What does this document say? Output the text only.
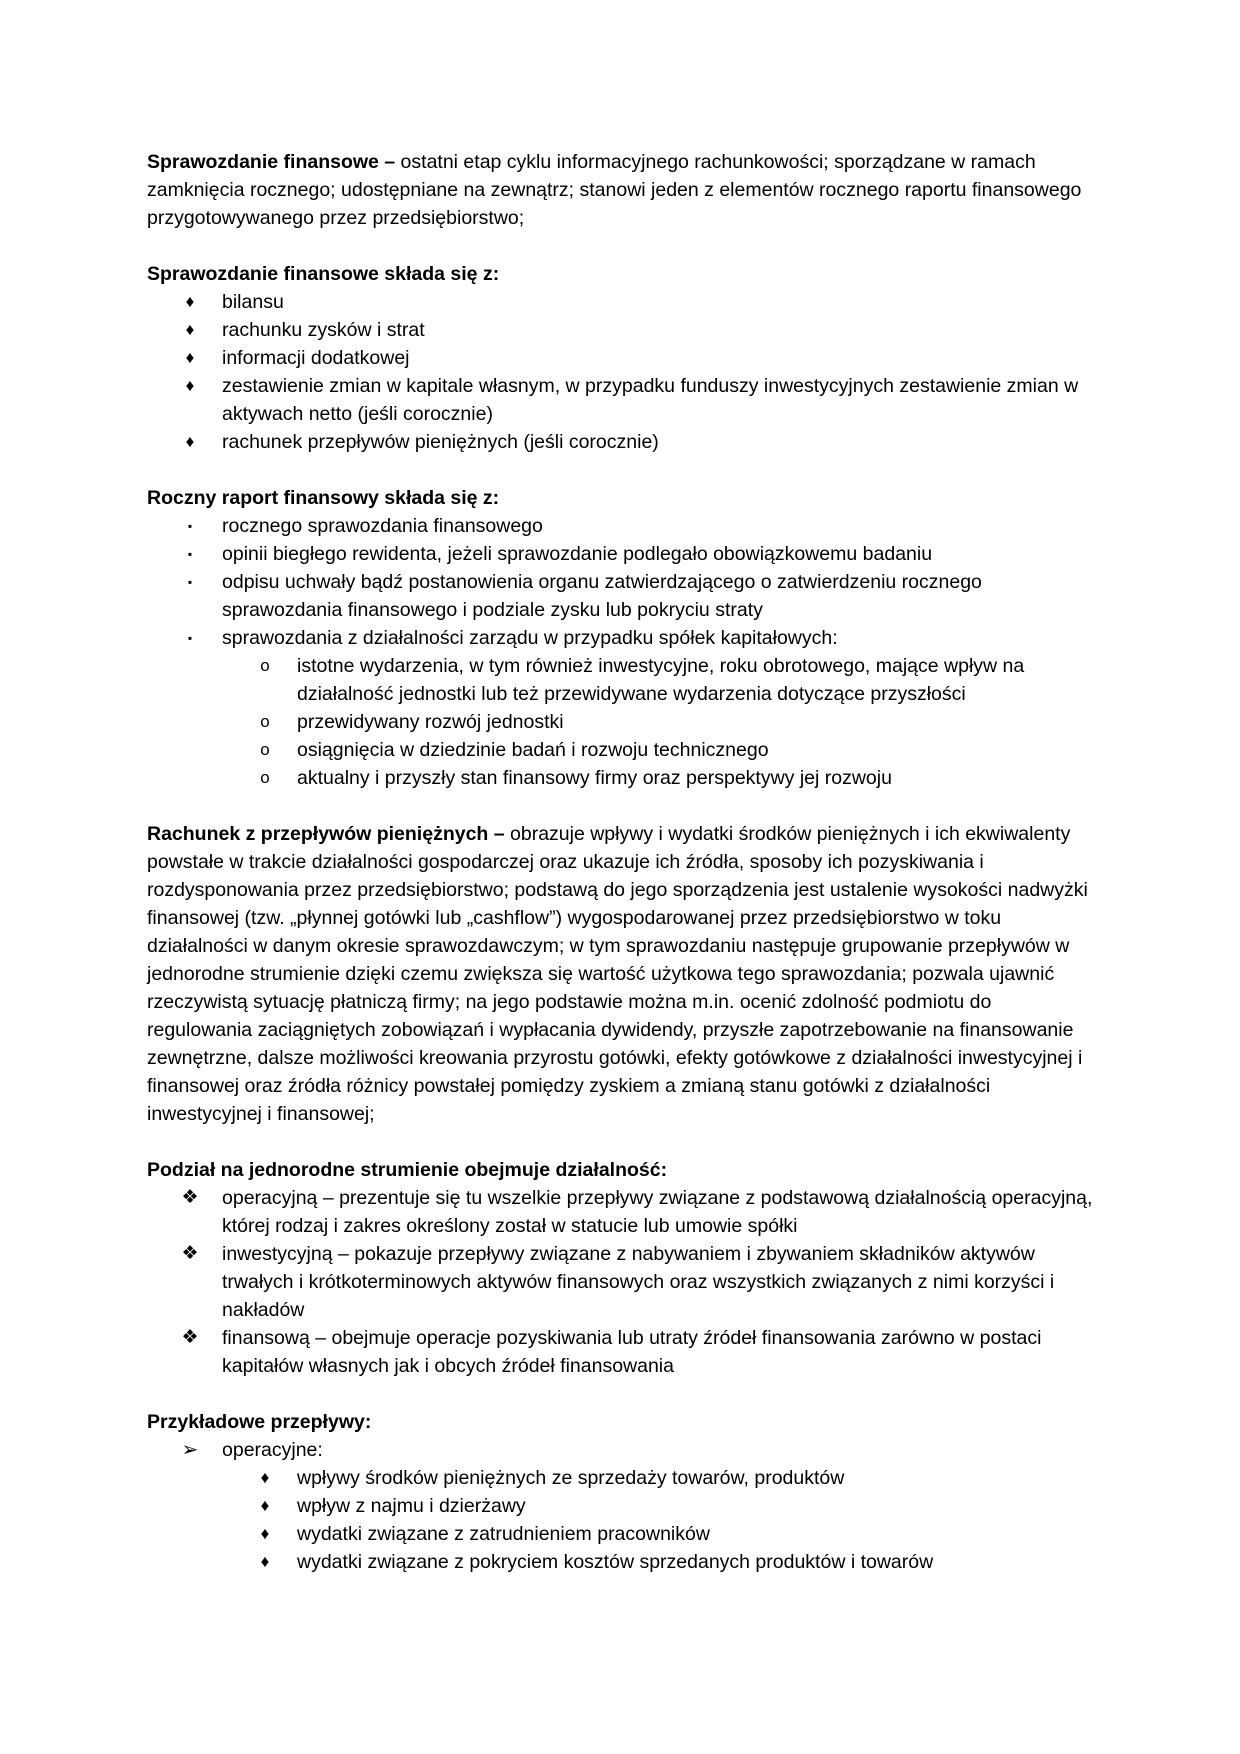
Sprawozdanie finansowe – ostatni etap cyklu informacyjnego rachunkowości; sporządzane w ramach zamknięcia rocznego; udostępniane na zewnątrz; stanowi jeden z elementów rocznego raportu finansowego przygotowywanego przez przedsiębiorstwo;

Sprawozdanie finansowe składa się z:

♦ bilansu
♦ rachunku zysków i strat
♦ informacji dodatkowej
♦ zestawienie zmian w kapitale własnym, w przypadku funduszy inwestycyjnych zestawienie zmian w aktywach netto (jeśli corocznie)
♦ rachunek przepływów pieniężnych (jeśli corocznie)

Roczny raport finansowy składa się z:

▪	rocznego sprawozdania finansowego
▪	opinii biegłego rewidenta, jeżeli sprawozdanie podlegało obowiązkowemu badaniu
▪	odpisu uchwały bądź postanowienia organu zatwierdzającego o zatwierdzeniu rocznego sprawozdania finansowego i podziale zysku lub pokryciu straty
▪	sprawozdania z działalności zarządu w przypadku spółek kapitałowych:
o istotne wydarzenia, w tym również inwestycyjne, roku obrotowego, mające wpływ na działalność jednostki lub też przewidywane wydarzenia dotyczące przyszłości
o przewidywany rozwój jednostki
o osiągnięcia w dziedzinie badań i rozwoju technicznego
o aktualny i przyszły stan finansowy firmy oraz perspektywy jej rozwoju

Rachunek z przepływów pieniężnych – obrazuje wpływy i wydatki środków pieniężnych i ich ekwiwalenty powstałe w trakcie działalności gospodarczej oraz ukazuje ich źródła, sposoby ich pozyskiwania i rozdysponowania przez przedsiębiorstwo; podstawą do jego sporządzenia jest ustalenie wysokości nadwyżki finansowej (tzw. „płynnej gotówki lub „cashflow”) wygospodarowanej przez przedsiębiorstwo w toku działalności w danym okresie sprawozdawczym; w tym sprawozdaniu następuje grupowanie przepływów w jednorodne strumienie dzięki czemu zwiększa się wartość użytkowa tego sprawozdania; pozwala ujawnić rzeczywistą sytuację płatniczą firmy; na jego podstawie można m.in. ocenić zdolność podmiotu do regulowania zaciągniętych zobowiązań i wypłacania dywidendy, przyszłe zapotrzebowanie na finansowanie zewnętrzne, dalsze możliwości kreowania przyrostu gotówki, efekty gotówkowe z działalności inwestycyjnej i finansowej oraz źródła różnicy powstałej pomiędzy zyskiem a zmianą stanu gotówki z działalności inwestycyjnej i finansowej;

Podział na jednorodne strumienie obejmuje działalność:

❖ operacyjną – prezentuje się tu wszelkie przepływy związane z podstawową działalnością operacyjną, której rodzaj i zakres określony został w statucie lub umowie spółki
❖ inwestycyjną – pokazuje przepływy związane z nabywaniem i zbywaniem składników aktywów trwałych i krótkoterminowych aktywów finansowych oraz wszystkich związanych z nimi korzyści i nakładów
❖ finansową – obejmuje operacje pozyskiwania lub utraty źródeł finansowania zarówno w postaci kapitałów własnych jak i obcych źródeł finansowania

Przykładowe przepływy:

➢ operacyjne:
♦ wpływy środków pieniężnych ze sprzedaży towarów, produktów
♦ wpływ z najmu i dzierżawy
♦ wydatki związane z zatrudnieniem pracowników
♦ wydatki związane z pokryciem kosztów sprzedanych produktów i towarów
